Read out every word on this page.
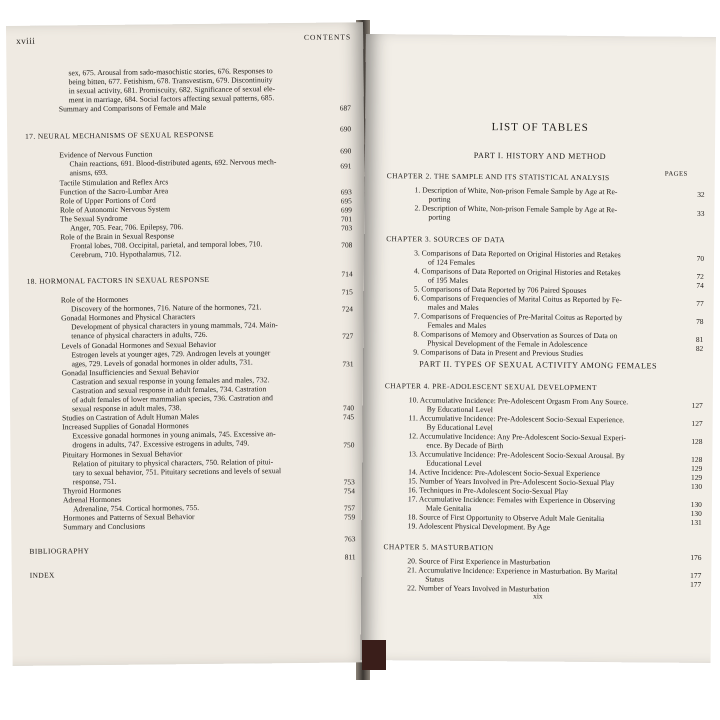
xviii	CONTENTS
sex, 675. Arousal from sado-masochistic stories, 676. Responses to
being bitten, 677. Fetishism, 678. Transvestism, 679. Discontinuity
in sexual activity, 681. Promiscuity, 682. Significance of sexual ele-
ment in marriage, 684. Social factors affecting sexual patterns, 685.
Summary and Comparisons of Female and Male
17. NEURAL MECHANISMS OF SEXUAL RESPONSE
Evidence of Nervous Function
Chain reactions, 691. Blood-distributed agents, 692. Nervous mech-
anisms, 693.
Tactile Stimulation and Reflex Arcs
Function of the Sacro-Lumbar Area
Role of Upper Portions of Cord
Role of Autonomic Nervous System
The Sexual Syndrome
Anger, 705. Fear, 706. Epilepsy, 706.
Role of the Brain in Sexual Response
Frontal lobes, 708. Occipital, parietal, and temporal lobes, 710.
Cerebrum, 710. Hypothalamus, 712.
18. HORMONAL FACTORS IN SEXUAL RESPONSE
Role of the Hormones
Discovery of the hormones, 716. Nature of the hormones, 721.
Gonadal Hormones and Physical Characters
Development of physical characters in young mammals, 724. Main-
tenance of physical characters in adults, 726.
Levels of Gonadal Hormones and Sexual Behavior
Estrogen levels at younger ages, 729. Androgen levels at younger
ages, 729. Levels of gonadal hormones in older adults, 731.
Gonadal Insufficiencies and Sexual Behavior
Castration and sexual response in young females and males, 732.
Castration and sexual response in adult females, 734. Castration
of adult females of lower mammalian species, 736. Castration and
sexual response in adult males, 738.
Studies on Castration of Adult Human Males
Increased Supplies of Gonadal Hormones
Excessive gonadal hormones in young animals, 745. Excessive an-
drogens in adults, 747. Excessive estrogens in adults, 749.
Pituitary Hormones in Sexual Behavior
Relation of pituitary to physical characters, 750. Relation of pitui-
tary to sexual behavior, 751. Pituitary secretions and levels of sexual
response, 751.
Thyroid Hormones
Adrenal Hormones
Adrenaline, 754. Cortical hormones, 755.
Hormones and Patterns of Sexual Behavior
Summary and Conclusions
BIBLIOGRAPHY
INDEX
687
690
690
691
693
695
699
701
703
708
714
715
724
727
731
740
745
750
753
754
757
759
763
811
LIST OF TABLES
PART I. HISTORY AND METHOD
PAGES
PART II. TYPES OF SEXUAL ACTIVITY AMONG FEMALES
xix
CHAPTER 2. THE SAMPLE AND ITS STATISTICAL ANALYSIS
1. Description of White, Non-prison Female Sample by Age at Re-
porting
2. Description of White, Non-prison Female Sample by Age at Re-
porting
CHAPTER 3. SOURCES OF DATA
3. Comparisons of Data Reported on Original Histories and Retakes
of 124 Females
4. Comparisons of Data Reported on Original Histories and Retakes
of 195 Males
5. Comparisons of Data Reported by 706 Paired Spouses
6. Comparisons of Frequencies of Marital Coitus as Reported by Fe-
males and Males
7. Comparisons of Frequencies of Pre-Marital Coitus as Reported by
Females and Males
8. Comparisons of Memory and Observation as Sources of Data on
Physical Development of the Female in Adolescence
9. Comparisons of Data in Present and Previous Studies
CHAPTER 4. PRE-ADOLESCENT SEXUAL DEVELOPMENT
10. Accumulative Incidence: Pre-Adolescent Orgasm From Any Source.
By Educational Level
11. Accumulative Incidence: Pre-Adolescent Socio-Sexual Experience.
By Educational Level
12. Accumulative Incidence: Any Pre-Adolescent Socio-Sexual Experi-
ence. By Decade of Birth
13. Accumulative Incidence: Pre-Adolescent Socio-Sexual Arousal. By
Educational Level
14. Active Incidence: Pre-Adolescent Socio-Sexual Experience
15. Number of Years Involved in Pre-Adolescent Socio-Sexual Play
16. Techniques in Pre-Adolescent Socio-Sexual Play
17. Accumulative Incidence: Females with Experience in Observing
Male Genitalia
18. Source of First Opportunity to Observe Adult Male Genitalia
19. Adolescent Physical Development. By Age
CHAPTER 5. MASTURBATION
20. Source of First Experience in Masturbation
21. Accumulative Incidence: Experience in Masturbation. By Marital
Status
22. Number of Years Involved in Masturbation
32
33
70
72
74
77
78
81
82
127
127
128
128
129
129
130
130
130
131
176
177
177
